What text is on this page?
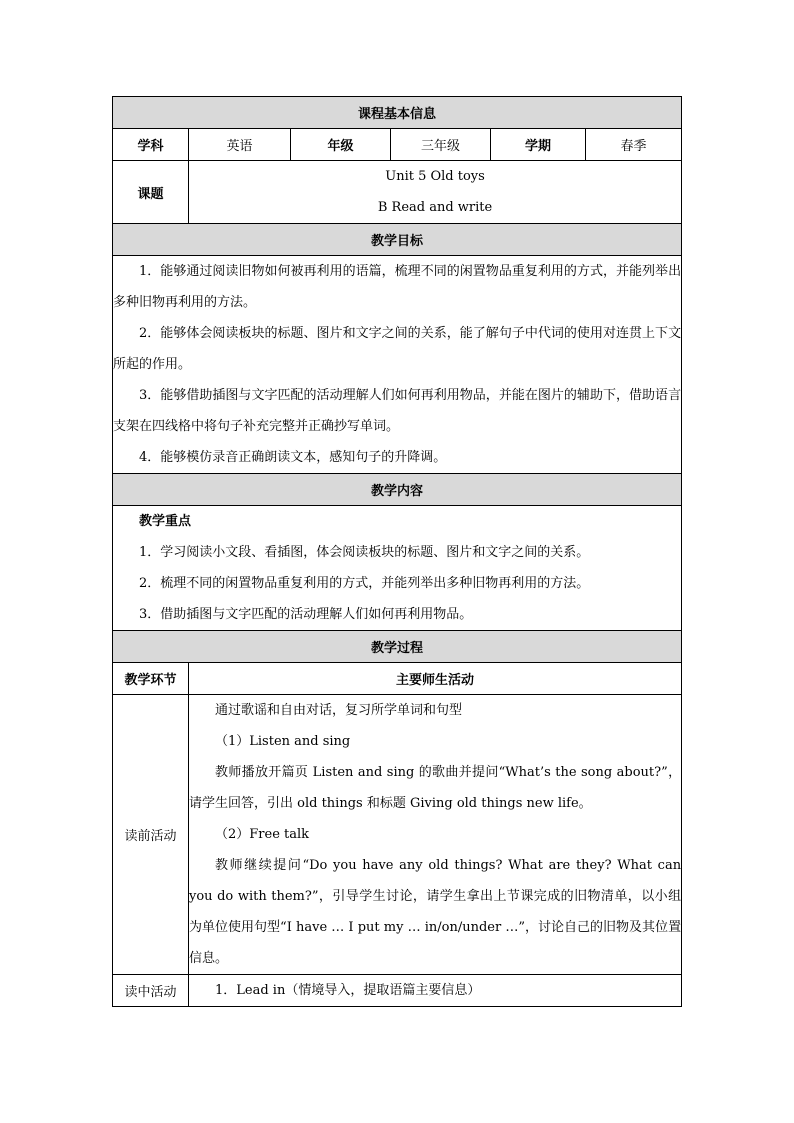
课程基本信息					
学科	英语	年级	三年级	学期	春季
课题	Unit 5 Old toys
B Read and write				

教学目标					

1．能够通过阅读旧物如何被再利用的语篇，梳理不同的闲置物品重复利用的方式，并能列举出多种旧物再利用的方法。

2．能够体会阅读板块的标题、图片和文字之间的关系，能了解句子中代词的使用对连贯上下文所起的作用。

3．能够借助插图与文字匹配的活动理解人们如何再利用物品，并能在图片的辅助下，借助语言支架在四线格中将句子补充完整并正确抄写单词。

4．能够模仿录音正确朗读文本，感知句子的升降调。					

教学内容					

教学重点

1．学习阅读小文段、看插图，体会阅读板块的标题、图片和文字之间的关系。

2．梳理不同的闲置物品重复利用的方式，并能列举出多种旧物再利用的方法。

3．借助插图与文字匹配的活动理解人们如何再利用物品。					

教学过程					
教学环节	主要师生活动				
读前活动	通过歌谣和自由对话，复习所学单词和句型

（1）Listen and sing

教师播放开篇页 Listen and sing 的歌曲并提问“What’s the song about?”，请学生回答，引出 old things 和标题 Giving old things new life。

（2）Free talk

教师继续提问“Do you have any old things? What are they? What can you do with them?”，引导学生讨论，请学生拿出上节课完成的旧物清单，以小组为单位使用句型“I have … I put my … in/on/under …”，讨论自己的旧物及其位置信息。				

读中活动	1．Lead in（情境导入，提取语篇主要信息）				
